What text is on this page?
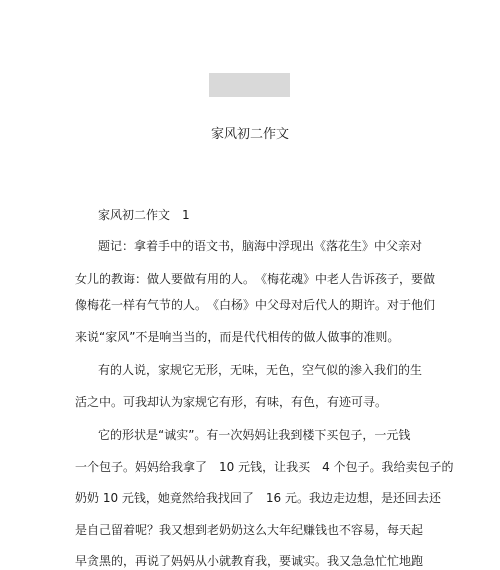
家风初二作文
家风初二作文　1
题记：拿着手中的语文书，脑海中浮现出《落花生》中父亲对
女儿的教诲：做人要做有用的人。　《梅花魂》中老人告诉孩子，要做
像梅花一样有气节的人。　《白杨》中父母对后代人的期许。对于他们
来说“家风”不是响当当的，而是代代相传的做人做事的准则。
有的人说，家规它无形，无味，无色，空气似的渗入我们的生
活之中。可我却认为家规它有形，有味，有色，有迹可寻。
它的形状是“诚实”。有一次妈妈让我到楼下买包子，一元钱
一个包子。妈妈给我拿了　10 元钱，让我买　4 个包子。我给卖包子的
奶奶 10 元钱，她竟然给我找回了　16 元。我边走边想，是还回去还
是自己留着呢？我又想到老奶奶这么大年纪赚钱也不容易，每天起
早贪黑的，再说了妈妈从小就教育我，要诚实。我又急急忙忙地跑
